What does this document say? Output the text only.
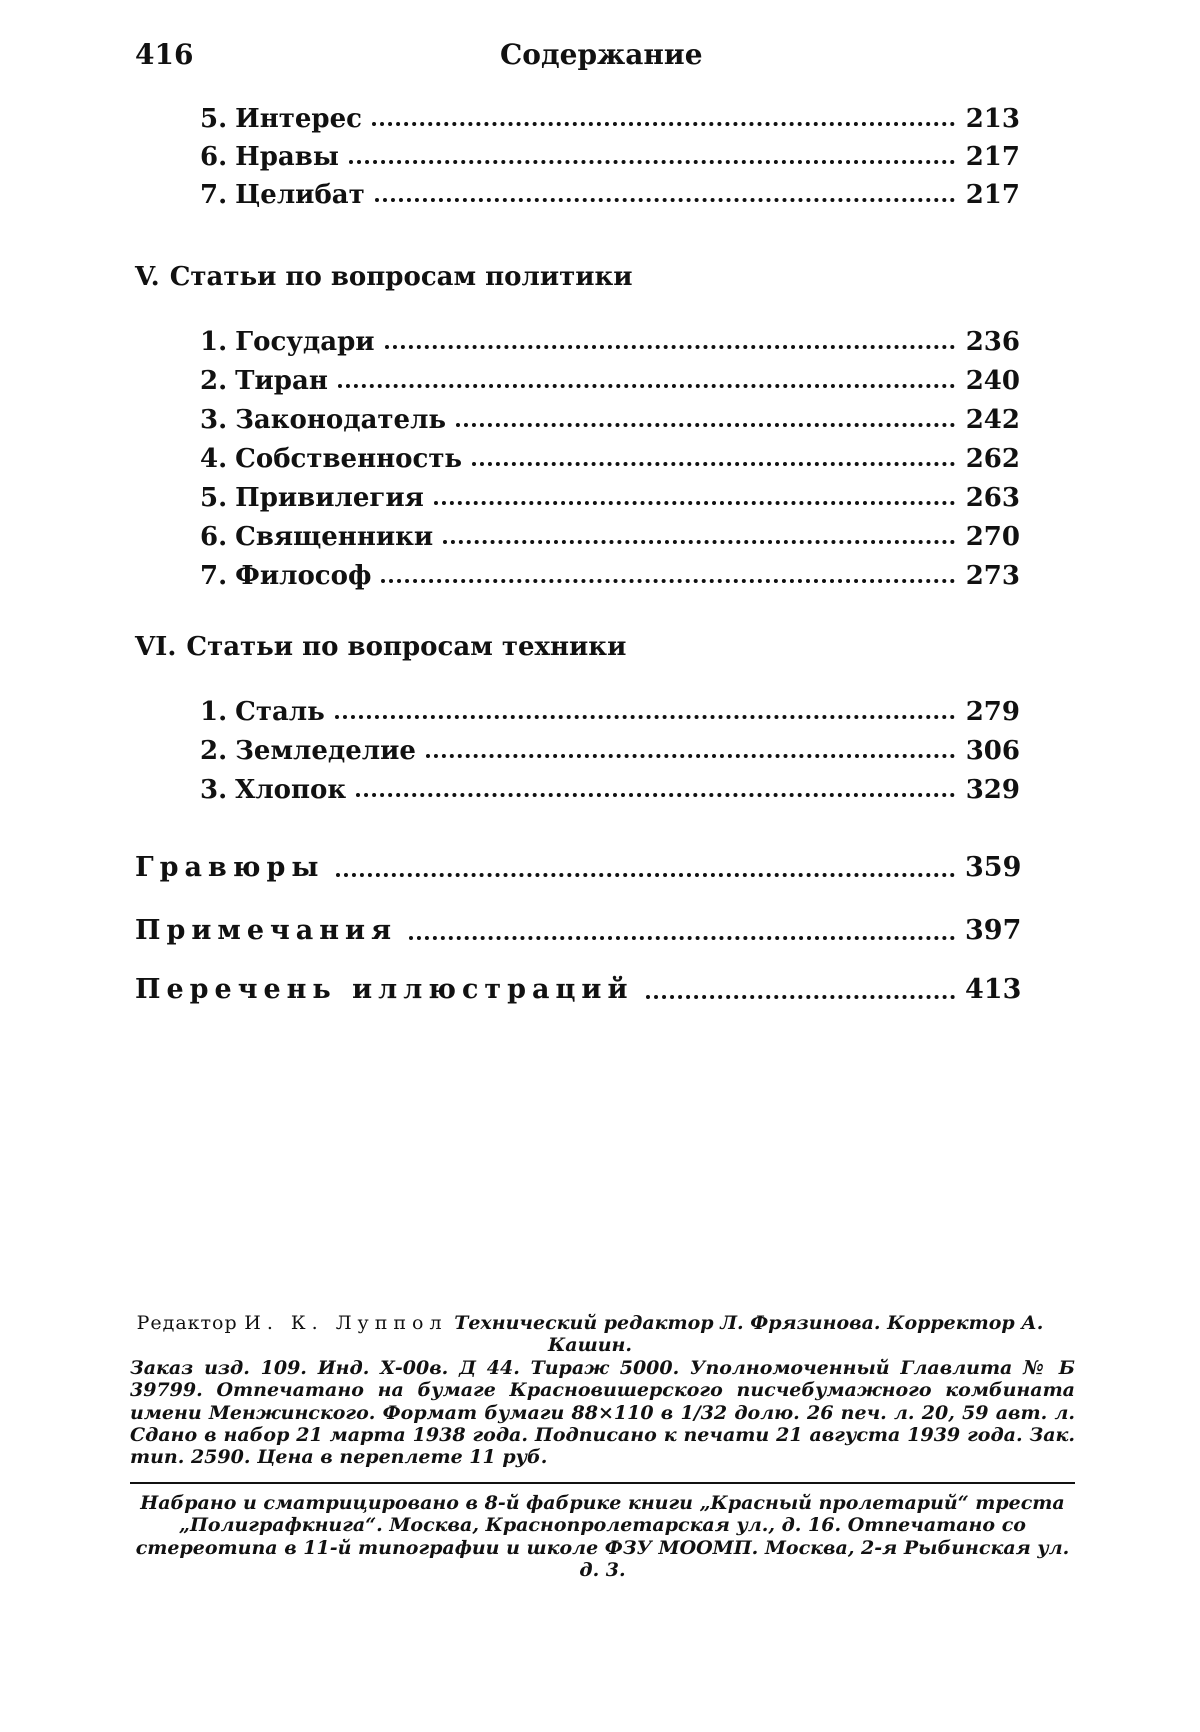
416	Содержание
5. Интерес	213
6. Нравы	217
7. Целибат	217
V. Статьи по вопросам политики
1. Государи	236
2. Тиран	240
3. Законодатель	242
4. Собственность	262
5. Привилегия	263
6. Священники	270
7. Философ	273
VI. Статьи по вопросам техники
1. Сталь	279
2. Земледелие	306
3. Хлопок	329
Гравюры	359
Примечания	397
Перечень иллюстраций	413
Редактор И. К. Луппол Технический редактор Л. Фрязинова. Корректор А. Кашин.
Заказ изд. 109. Инд. Х-00в. Д 44. Тираж 5000. Уполномоченный Главлита № Б 39799. Отпечатано на бумаге Красновишерского писчебумажного комбината имени Менжинского. Формат бумаги 88×110 в 1/32 долю. 26 печ. л. 20, 59 авт. л. Сдано в набор 21 марта 1938 года. Подписано к печати 21 августа 1939 года. Зак. тип. 2590. Цена в переплете 11 руб.
Набрано и сматрицировано в 8-й фабрике книги „Красный пролетарий“ треста „Полиграфкнига“. Москва, Краснопролетарская ул., д. 16. Отпечатано со стереотипа в 11-й типографии и школе ФЗУ МООМП. Москва, 2-я Рыбинская ул. д. 3.
